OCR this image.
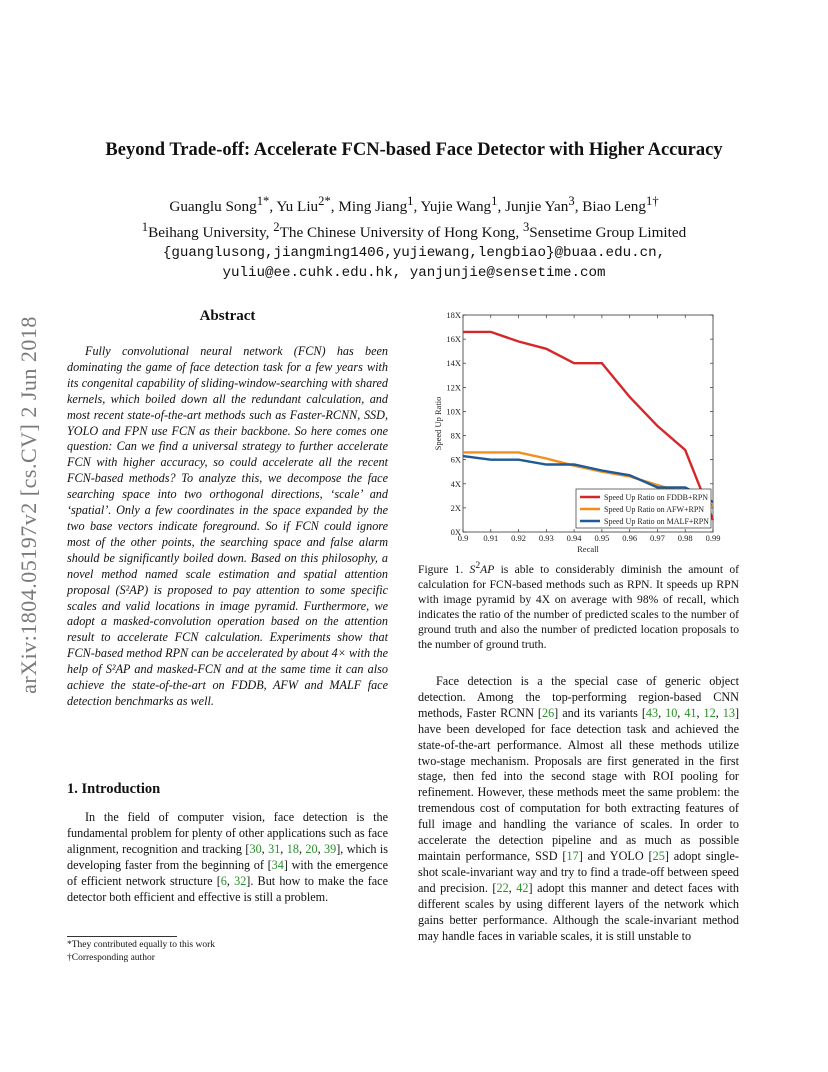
arXiv:1804.05197v2 [cs.CV] 2 Jun 2018
Beyond Trade-off: Accelerate FCN-based Face Detector with Higher Accuracy
Guanglu Song$^{1*}$, Yu Liu$^{2*}$, Ming Jiang$^1$, Yujie Wang$^1$, Junjie Yan$^3$, Biao Leng$^{1\dagger}$
$^1$Beihang University, $^2$The Chinese University of Hong Kong, $^3$Sensetime Group Limited
{guanglusong,jiangming1406,yujiewang,lengbiao}@buaa.edu.cn,
yuliu@ee.cuhk.edu.hk, yanjunjie@sensetime.com
Abstract
Fully convolutional neural network (FCN) has been dominating the game of face detection task for a few years with its congenital capability of sliding-window-searching with shared kernels, which boiled down all the redundant calculation, and most recent state-of-the-art methods such as Faster-RCNN, SSD, YOLO and FPN use FCN as their backbone. So here comes one question: Can we find a universal strategy to further accelerate FCN with higher accuracy, so could accelerate all the recent FCN-based methods? To analyze this, we decompose the face searching space into two orthogonal directions, ‘scale’ and ‘spatial’. Only a few coordinates in the space expanded by the two base vectors indicate foreground. So if FCN could ignore most of the other points, the searching space and false alarm should be significantly boiled down. Based on this philosophy, a novel method named scale estimation and spatial attention proposal (S²AP) is proposed to pay attention to some specific scales and valid locations in image pyramid. Furthermore, we adopt a masked-convolution operation based on the attention result to accelerate FCN calculation. Experiments show that FCN-based method RPN can be accelerated by about 4× with the help of S²AP and masked-FCN and at the same time it can also achieve the state-of-the-art on FDDB, AFW and MALF face detection benchmarks as well.
1. Introduction
In the field of computer vision, face detection is the fundamental problem for plenty of other applications such as face alignment, recognition and tracking [30, 31, 18, 20, 39], which is developing faster from the beginning of [34] with the emergence of efficient network structure [6, 32]. But how to make the face detector both efficient and effective is still a problem.
*They contributed equally to this work
†Corresponding author
0.9 0.91 0.92 0.93 0.94 0.95 0.96 0.97 0.98 0.99
0X
2X
4X
6X
8X
10X
12X
14X
16X
18X
Recall
Speed Up Ratio
Speed Up Ratio on FDDB+RPN
Speed Up Ratio on AFW+RPN
Speed Up Ratio on MALF+RPN
Figure 1. $S^2AP$ is able to considerably diminish the amount of calculation for FCN-based methods such as RPN. It speeds up RPN with image pyramid by 4X on average with 98% of recall, which indicates the ratio of the number of predicted scales to the number of ground truth and also the number of predicted location proposals to the number of ground truth.
Face detection is a the special case of generic object detection. Among the top-performing region-based CNN methods, Faster RCNN [26] and its variants [43, 10, 41, 12, 13] have been developed for face detection task and achieved the state-of-the-art performance. Almost all these methods utilize two-stage mechanism. Proposals are first generated in the first stage, then fed into the second stage with ROI pooling for refinement. However, these methods meet the same problem: the tremendous cost of computation for both extracting features of full image and handling the variance of scales. In order to accelerate the detection pipeline and as much as possible maintain performance, SSD [17] and YOLO [25] adopt single-shot scale-invariant way and try to find a trade-off between speed and precision. [22, 42] adopt this manner and detect faces with different scales by using different layers of the network which gains better performance. Although the scale-invariant method may handle faces in variable scales, it is still unstable to
